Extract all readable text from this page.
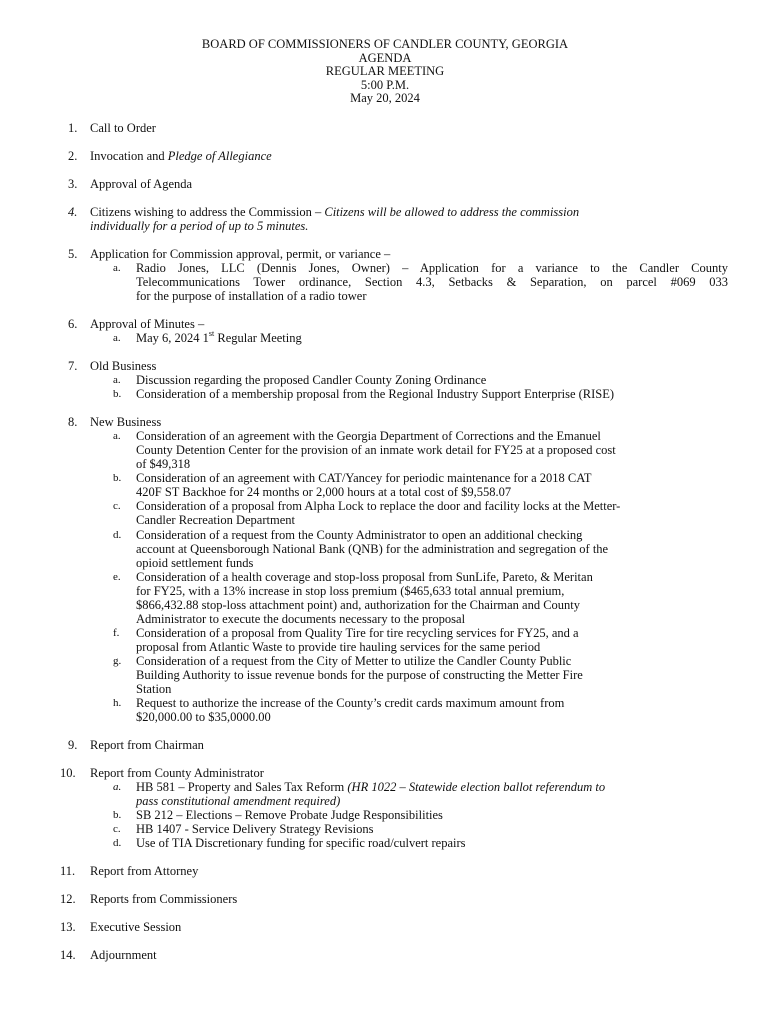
BOARD OF COMMISSIONERS OF CANDLER COUNTY, GEORGIA
AGENDA
REGULAR MEETING
5:00 P.M.
May 20, 2024
1.	Call to Order
2.	Invocation and Pledge of Allegiance
3.	Approval of Agenda
4.	Citizens wishing to address the Commission – Citizens will be allowed to address the commission
individually for a period of up to 5 minutes.
5.	Application for Commission approval, permit, or variance –
a.	Radio Jones, LLC (Dennis Jones, Owner) – Application for a variance to the Candler County
Telecommunications Tower ordinance, Section 4.3, Setbacks & Separation, on parcel #069 033
for the purpose of installation of a radio tower
6.	Approval of Minutes –
a.	May 6, 2024 1st Regular Meeting
7.	Old Business
a.	Discussion regarding the proposed Candler County Zoning Ordinance
b.	Consideration of a membership proposal from the Regional Industry Support Enterprise (RISE)
8.	New Business
a.	Consideration of an agreement with the Georgia Department of Corrections and the Emanuel
County Detention Center for the provision of an inmate work detail for FY25 at a proposed cost
of $49,318
b.	Consideration of an agreement with CAT/Yancey for periodic maintenance for a 2018 CAT
420F ST Backhoe for 24 months or 2,000 hours at a total cost of $9,558.07
c.	Consideration of a proposal from Alpha Lock to replace the door and facility locks at the Metter-
Candler Recreation Department
d.	Consideration of a request from the County Administrator to open an additional checking
account at Queensborough National Bank (QNB) for the administration and segregation of the
opioid settlement funds
e.	Consideration of a health coverage and stop-loss proposal from SunLife, Pareto, & Meritan
for FY25, with a 13% increase in stop loss premium ($465,633 total annual premium,
$866,432.88 stop-loss attachment point) and, authorization for the Chairman and County
Administrator to execute the documents necessary to the proposal
f.	Consideration of a proposal from Quality Tire for tire recycling services for FY25, and a
proposal from Atlantic Waste to provide tire hauling services for the same period
g.	Consideration of a request from the City of Metter to utilize the Candler County Public
Building Authority to issue revenue bonds for the purpose of constructing the Metter Fire
Station
h.	Request to authorize the increase of the County’s credit cards maximum amount from
$20,000.00 to $35,0000.00
9.	Report from Chairman
10.	Report from County Administrator
a.	HB 581 – Property and Sales Tax Reform (HR 1022 – Statewide election ballot referendum to
pass constitutional amendment required)
b.	SB 212 – Elections – Remove Probate Judge Responsibilities
c.	HB 1407 - Service Delivery Strategy Revisions
d.	Use of TIA Discretionary funding for specific road/culvert repairs
11.	Report from Attorney
12.	Reports from Commissioners
13.	Executive Session
14.	Adjournment
